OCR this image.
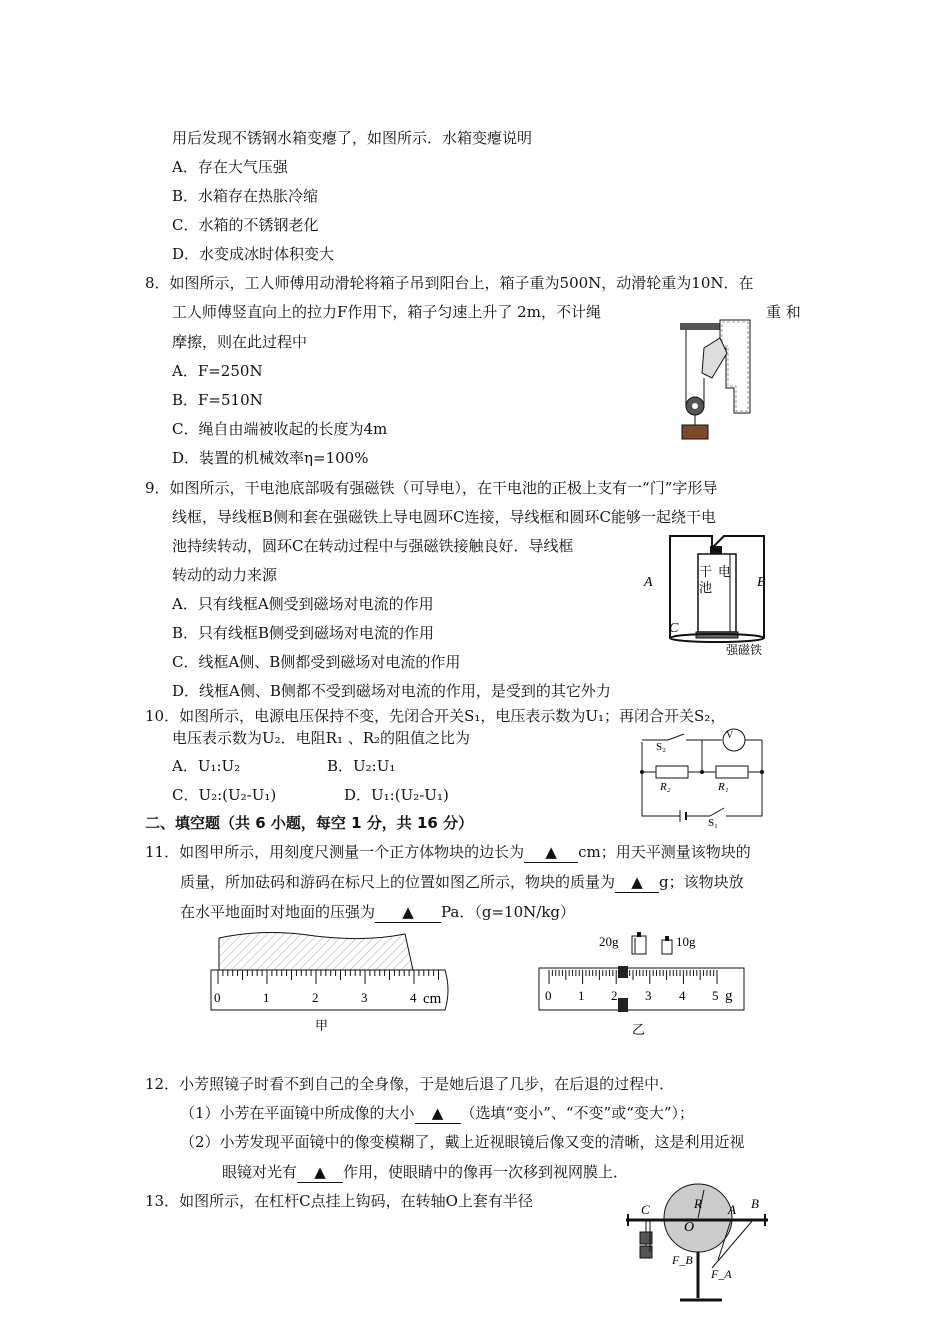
用后发现不锈钢水箱变瘪了，如图所示．水箱变瘪说明
A．存在大气压强
B．水箱存在热胀冷缩
C．水箱的不锈钢老化
D．水变成冰时体积变大
8．如图所示，工人师傅用动滑轮将箱子吊到阳台上，箱子重为500N，动滑轮重为10N．在
工人师傅竖直向上的拉力F作用下，箱子匀速上升了 2m，不计绳	重 和
摩擦，则在此过程中
A．F=250N
B．F=510N
C．绳自由端被收起的长度为4m
D．装置的机械效率η=100%
9．如图所示，干电池底部吸有强磁铁（可导电），在干电池的正极上支有一“门”字形导
线框，导线框B侧和套在强磁铁上导电圆环C连接，导线框和圆环C能够一起绕干电
池持续转动，圆环C在转动过程中与强磁铁接触良好．导线框
转动的动力来源
A．只有线框A侧受到磁场对电流的作用
B．只有线框B侧受到磁场对电流的作用
C．线框A侧、B侧都受到磁场对电流的作用
D．线框A侧、B侧都不受到磁场对电流的作用，是受到的其它外力
干 电
池
A	B
C
强磁铁
10．如图所示，电源电压保持不变，先闭合开关S₁，电压表示数为U₁；再闭合开关S₂，
电压表示数为U₂．电阻R₁ 、R₂的阻值之比为
A．U₁:U₂	B．U₂:U₁
C．U₂:(U₂-U₁)	D．U₁:(U₂-U₁)
V
S₂
R₂	R₁
S₁
二、填空题（共 6 小题，每空 1 分，共 16 分）
11．如图甲所示，用刻度尺测量一个正方体物块的边长为 ▲ cm；用天平测量该物块的
质量，所加砝码和游码在标尺上的位置如图乙所示，物块的质量为 ▲ g；该物块放
在水平地面时对地面的压强为 ▲ Pa．（g=10N/kg）
0	1	2	3	4 cm
甲
20g	10g
0 1 2 3 4 5 g
乙
12．小芳照镜子时看不到自己的全身像，于是她后退了几步，在后退的过程中．
（1）小芳在平面镜中所成像的大小 ▲ （选填“变小”、“不变”或“变大”）；
（2）小芳发现平面镜中的像变模糊了，戴上近视眼镜后像又变的清晰，这是利用近视
眼镜对光有 ▲ 作用，使眼睛中的像再一次移到视网膜上．
13．如图所示，在杠杆C点挂上钩码，在转轴O上套有半径	R
C
O
A B
F_B
F_A
